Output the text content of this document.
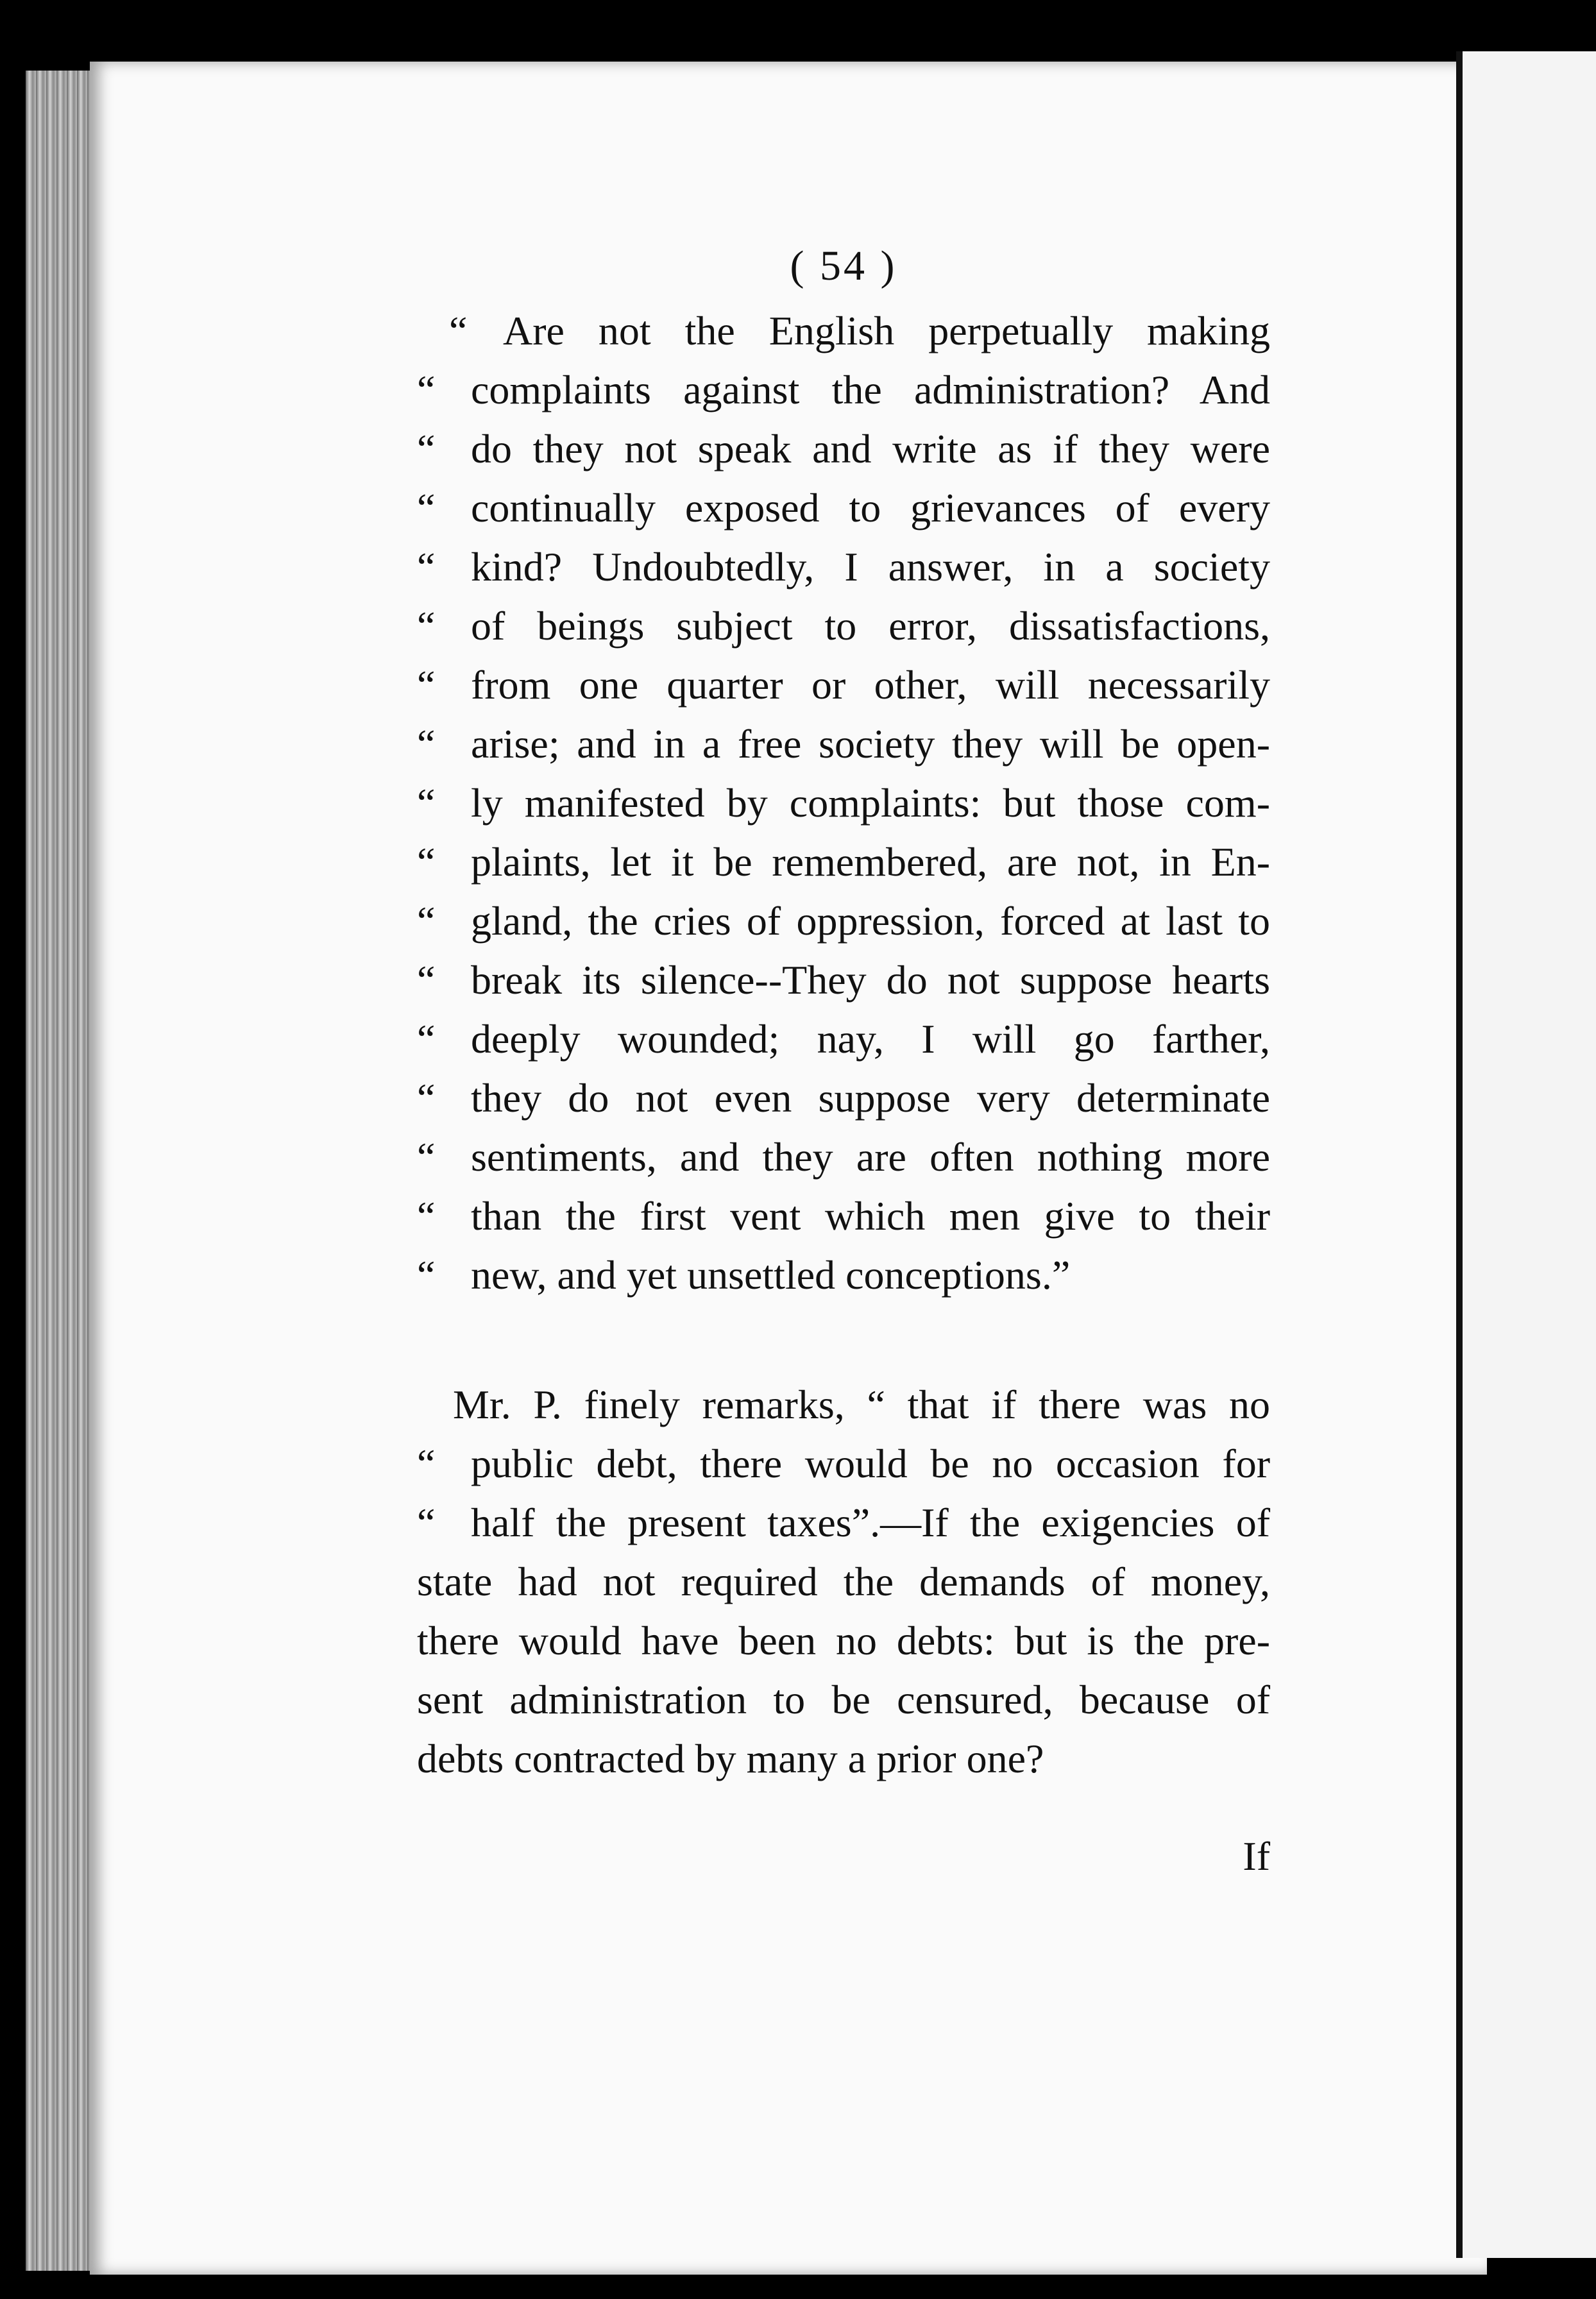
( 54 )
“ Are not the English perpetually making
“ complaints against the administration? And
“ do they not speak and write as if they were
“ continually exposed to grievances of every
“ kind? Undoubtedly, I answer, in a society
“ of beings subject to error, dissatisfactions,
“ from one quarter or other, will necessarily
“ arise; and in a free society they will be open-
“ ly manifested by complaints: but those com-
“ plaints, let it be remembered, are not, in En-
“ gland, the cries of oppression, forced at last to
“ break its silence--They do not suppose hearts
“ deeply wounded; nay, I will go farther,
“ they do not even suppose very determinate
“ sentiments, and they are often nothing more
“ than the first vent which men give to their
“ new, and yet unsettled conceptions.”
Mr. P. finely remarks, “ that if there was no
“ public debt, there would be no occasion for
“ half the present taxes”.—If the exigencies of
state had not required the demands of money,
there would have been no debts: but is the pre-
sent administration to be censured, because of
debts contracted by many a prior one?
If
